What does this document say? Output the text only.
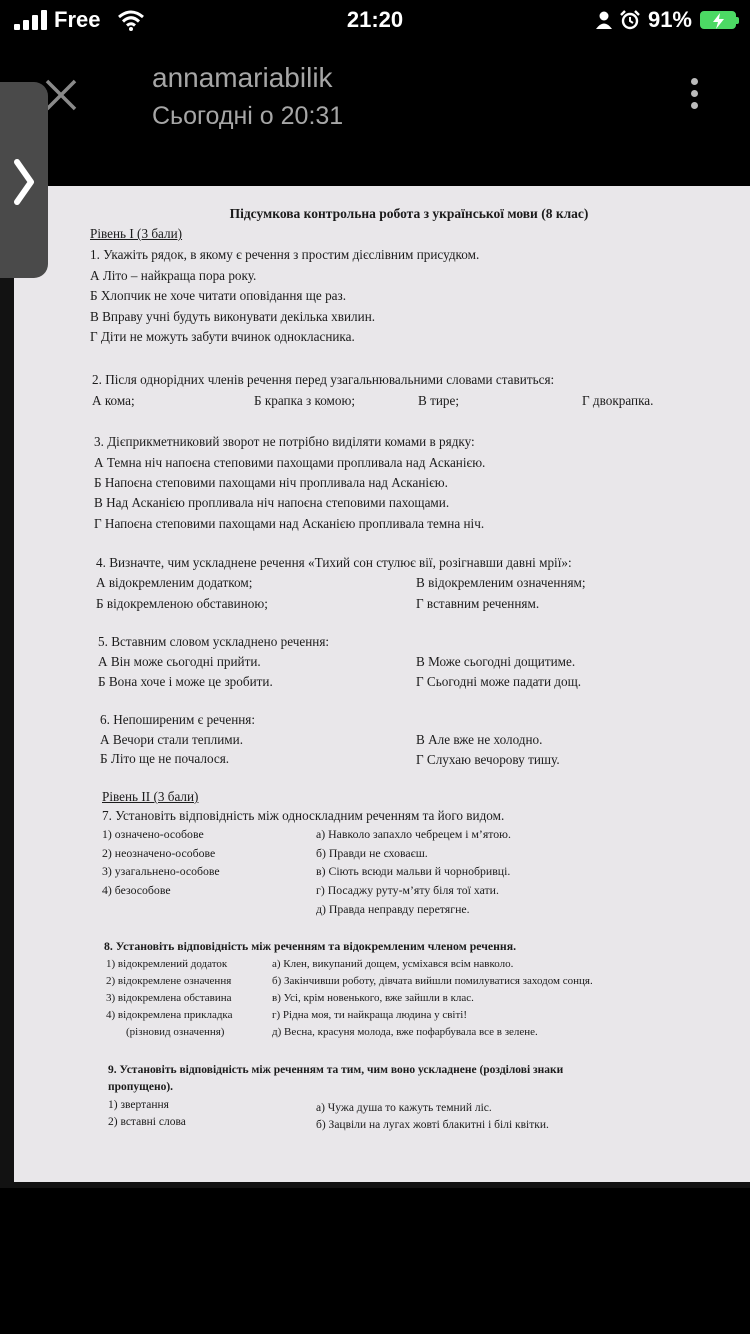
Free	21:20	91%
annamariabilik
Сьогодні о 20:31
Підсумкова контрольна робота з української мови (8 клас)
Рівень І (3 бали)
1. Укажіть рядок, в якому є речення з простим дієслівним присудком.
А Літо – найкраща пора року.
Б Хлопчик не хоче читати оповідання ще раз.
В Вправу учні будуть виконувати декілька хвилин.
Г Діти не можуть забути вчинок однокласника.
2. Після однорідних членів речення перед узагальнювальними словами ставиться:
А кома;	Б крапка з комою;	В тире;	Г двокрапка.
3. Дієприкметниковий зворот не потрібно виділяти комами в рядку:
А Темна ніч напоєна степовими пахощами пропливала над Асканією.
Б Напоєна степовими пахощами ніч пропливала над Асканією.
В Над Асканією пропливала ніч напоєна степовими пахощами.
Г Напоєна степовими пахощами над Асканією пропливала темна ніч.
4. Визначте, чим ускладнене речення «Тихий сон стулює вії, розігнавши давні мрії»:
А відокремленим додатком;
Б відокремленою обставиною;
В відокремленим означенням;
Г вставним реченням.
5. Вставним словом ускладнено речення:
А Він може сьогодні прийти.
Б Вона хоче і може це зробити.
В Може сьогодні дощитиме.
Г Сьогодні може падати дощ.
6. Непоширеним є речення:
А Вечори стали теплими.
Б Літо ще не почалося.
В Але вже не холодно.
Г Слухаю вечорову тишу.
Рівень ІІ (3 бали)
7. Установіть відповідність між односкладним реченням та його видом.
1) означено-особове
2) неозначено-особове
3) узагальнено-особове
4) безособове
а) Навколо запахло чебрецем і м’ятою.
б) Правди не сховаєш.
в) Сіють всюди мальви й чорнобривці.
г) Посаджу руту-м’яту біля тої хати.
д) Правда неправду перетягне.
8. Установіть відповідність між реченням та відокремленим членом речення.
1) відокремлений додаток
2) відокремлене означення
3) відокремлена обставина
4) відокремлена прикладка
(різновид означення)
а) Клен, викупаний дощем, усміхався всім навколо.
б) Закінчивши роботу, дівчата вийшли помилуватися заходом сонця.
в) Усі, крім новенького, вже зайшли в клас.
г) Рідна моя, ти найкраща людина у світі!
д) Весна, красуня молода, вже пофарбувала все в зелене.
9. Установіть відповідність між реченням та тим, чим воно ускладнене (розділові знаки
пропущено).
1) звертання
2) вставні слова
а) Чужа душа то кажуть темний ліс.
б) Зацвіли на лугах жовті блакитні і білі квітки.
